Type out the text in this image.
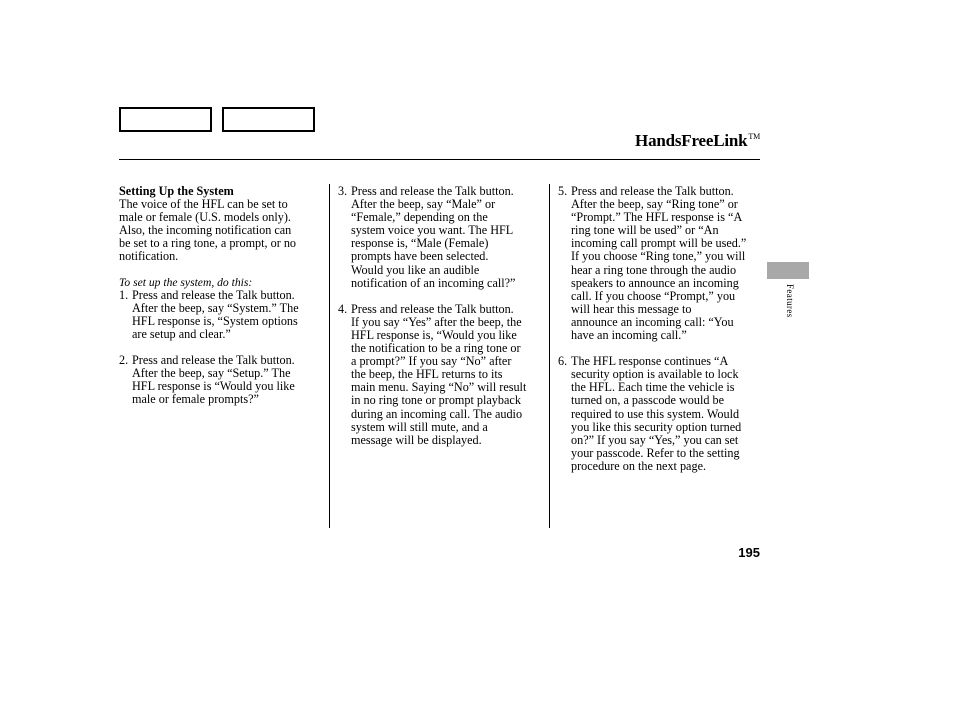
HandsFreeLink™
Setting Up the System
The voice of the HFL can be set to
male or female (U.S. models only).
Also, the incoming notification can
be set to a ring tone, a prompt, or no
notification.
To set up the system, do this:
1. Press and release the Talk button.
After the beep, say “System.” The
HFL response is, “System options
are setup and clear.”
2. Press and release the Talk button.
After the beep, say “Setup.” The
HFL response is “Would you like
male or female prompts?”
3. Press and release the Talk button.
After the beep, say “Male” or
“Female,” depending on the
system voice you want. The HFL
response is, “Male (Female)
prompts have been selected.
Would you like an audible
notification of an incoming call?”
4. Press and release the Talk button.
If you say “Yes” after the beep, the
HFL response is, “Would you like
the notification to be a ring tone or
a prompt?” If you say “No” after
the beep, the HFL returns to its
main menu. Saying “No” will result
in no ring tone or prompt playback
during an incoming call. The audio
system will still mute, and a
message will be displayed.
5. Press and release the Talk button.
After the beep, say “Ring tone” or
“Prompt.” The HFL response is “A
ring tone will be used” or “An
incoming call prompt will be used.”
If you choose “Ring tone,” you will
hear a ring tone through the audio
speakers to announce an incoming
call. If you choose “Prompt,” you
will hear this message to
announce an incoming call: “You
have an incoming call.”
6. The HFL response continues “A
security option is available to lock
the HFL. Each time the vehicle is
turned on, a passcode would be
required to use this system. Would
you like this security option turned
on?” If you say “Yes,” you can set
your passcode. Refer to the setting
procedure on the next page.
Features
195
